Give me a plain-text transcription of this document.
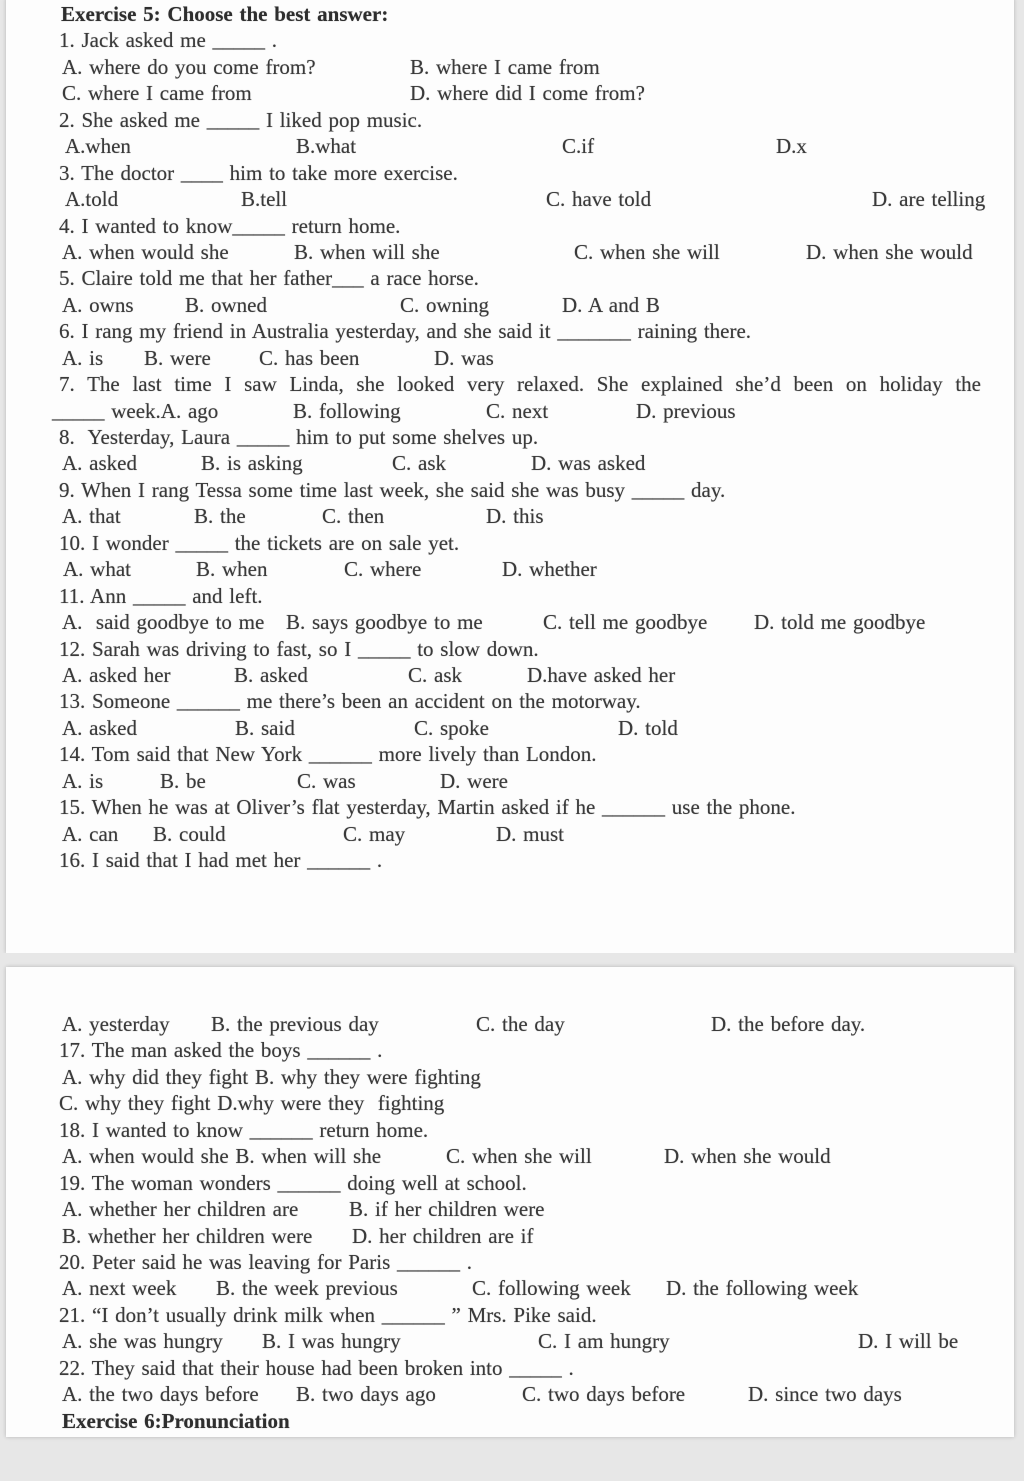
Exercise 5: Choose the best answer:
1. Jack asked me _____ .
A. where do you come from?	B. where I came from
C. where I came from	D. where did I come from?
2. She asked me _____ I liked pop music.
A.when	B.what	C.if	D.x
3. The doctor ____ him to take more exercise.
A.told	B.tell	C. have told	D. are telling
4. I wanted to know_____ return home.
A. when would she	B. when will she	C. when she will	D. when she would
5. Claire told me that her father___ a race horse.
A. owns B. owned	C. owning	D. A and B
6. I rang my friend in Australia yesterday, and she said it _______ raining there.
A. is B. were C. has been	D. was
7. The last time I saw Linda, she looked very relaxed. She explained she’d been on holiday the
_____ week.A. ago	B. following	C. next	D. previous
8.  Yesterday, Laura _____ him to put some shelves up.
A. asked	B. is asking	C. ask	D. was asked
9. When I rang Tessa some time last week, she said she was busy _____ day.
A. that	B. the	C. then	D. this
10. I wonder _____ the tickets are on sale yet.
A. what	B. when	C. where	D. whether
11. Ann _____ and left.
A.  said goodbye to me B. says goodbye to me	C. tell me goodbye D. told me goodbye
12. Sarah was driving to fast, so I _____ to slow down.
A. asked her	B. asked	C. ask	D.have asked her
13. Someone ______ me there’s been an accident on the motorway.
A. asked	B. said	C. spoke	D. told
14. Tom said that New York ______ more lively than London.
A. is	B. be	C. was	D. were
15. When he was at Oliver’s flat yesterday, Martin asked if he ______ use the phone.
A. can B. could	C. may	D. must
16. I said that I had met her ______ .
A. yesterday B. the previous day	C. the day	D. the before day.
17. The man asked the boys ______ .
A. why did they fight B. why they were fighting
C. why they fight D.why were they  fighting
18. I wanted to know ______ return home.
A. when would she B. when will she	C. when she will	D. when she would
19. The woman wonders ______ doing well at school.
A. whether her children are B. if her children were
B. whether her children were D. her children are if
20. Peter said he was leaving for Paris ______ .
A. next week B. the week previous	C. following week D. the following week
21. “I don’t usually drink milk when ______ ” Mrs. Pike said.
A. she was hungry B. I was hungry	C. I am hungry	D. I will be
22. They said that their house had been broken into _____ .
A. the two days before B. two days ago	C. two days before	D. since two days
Exercise 6:Pronunciation
